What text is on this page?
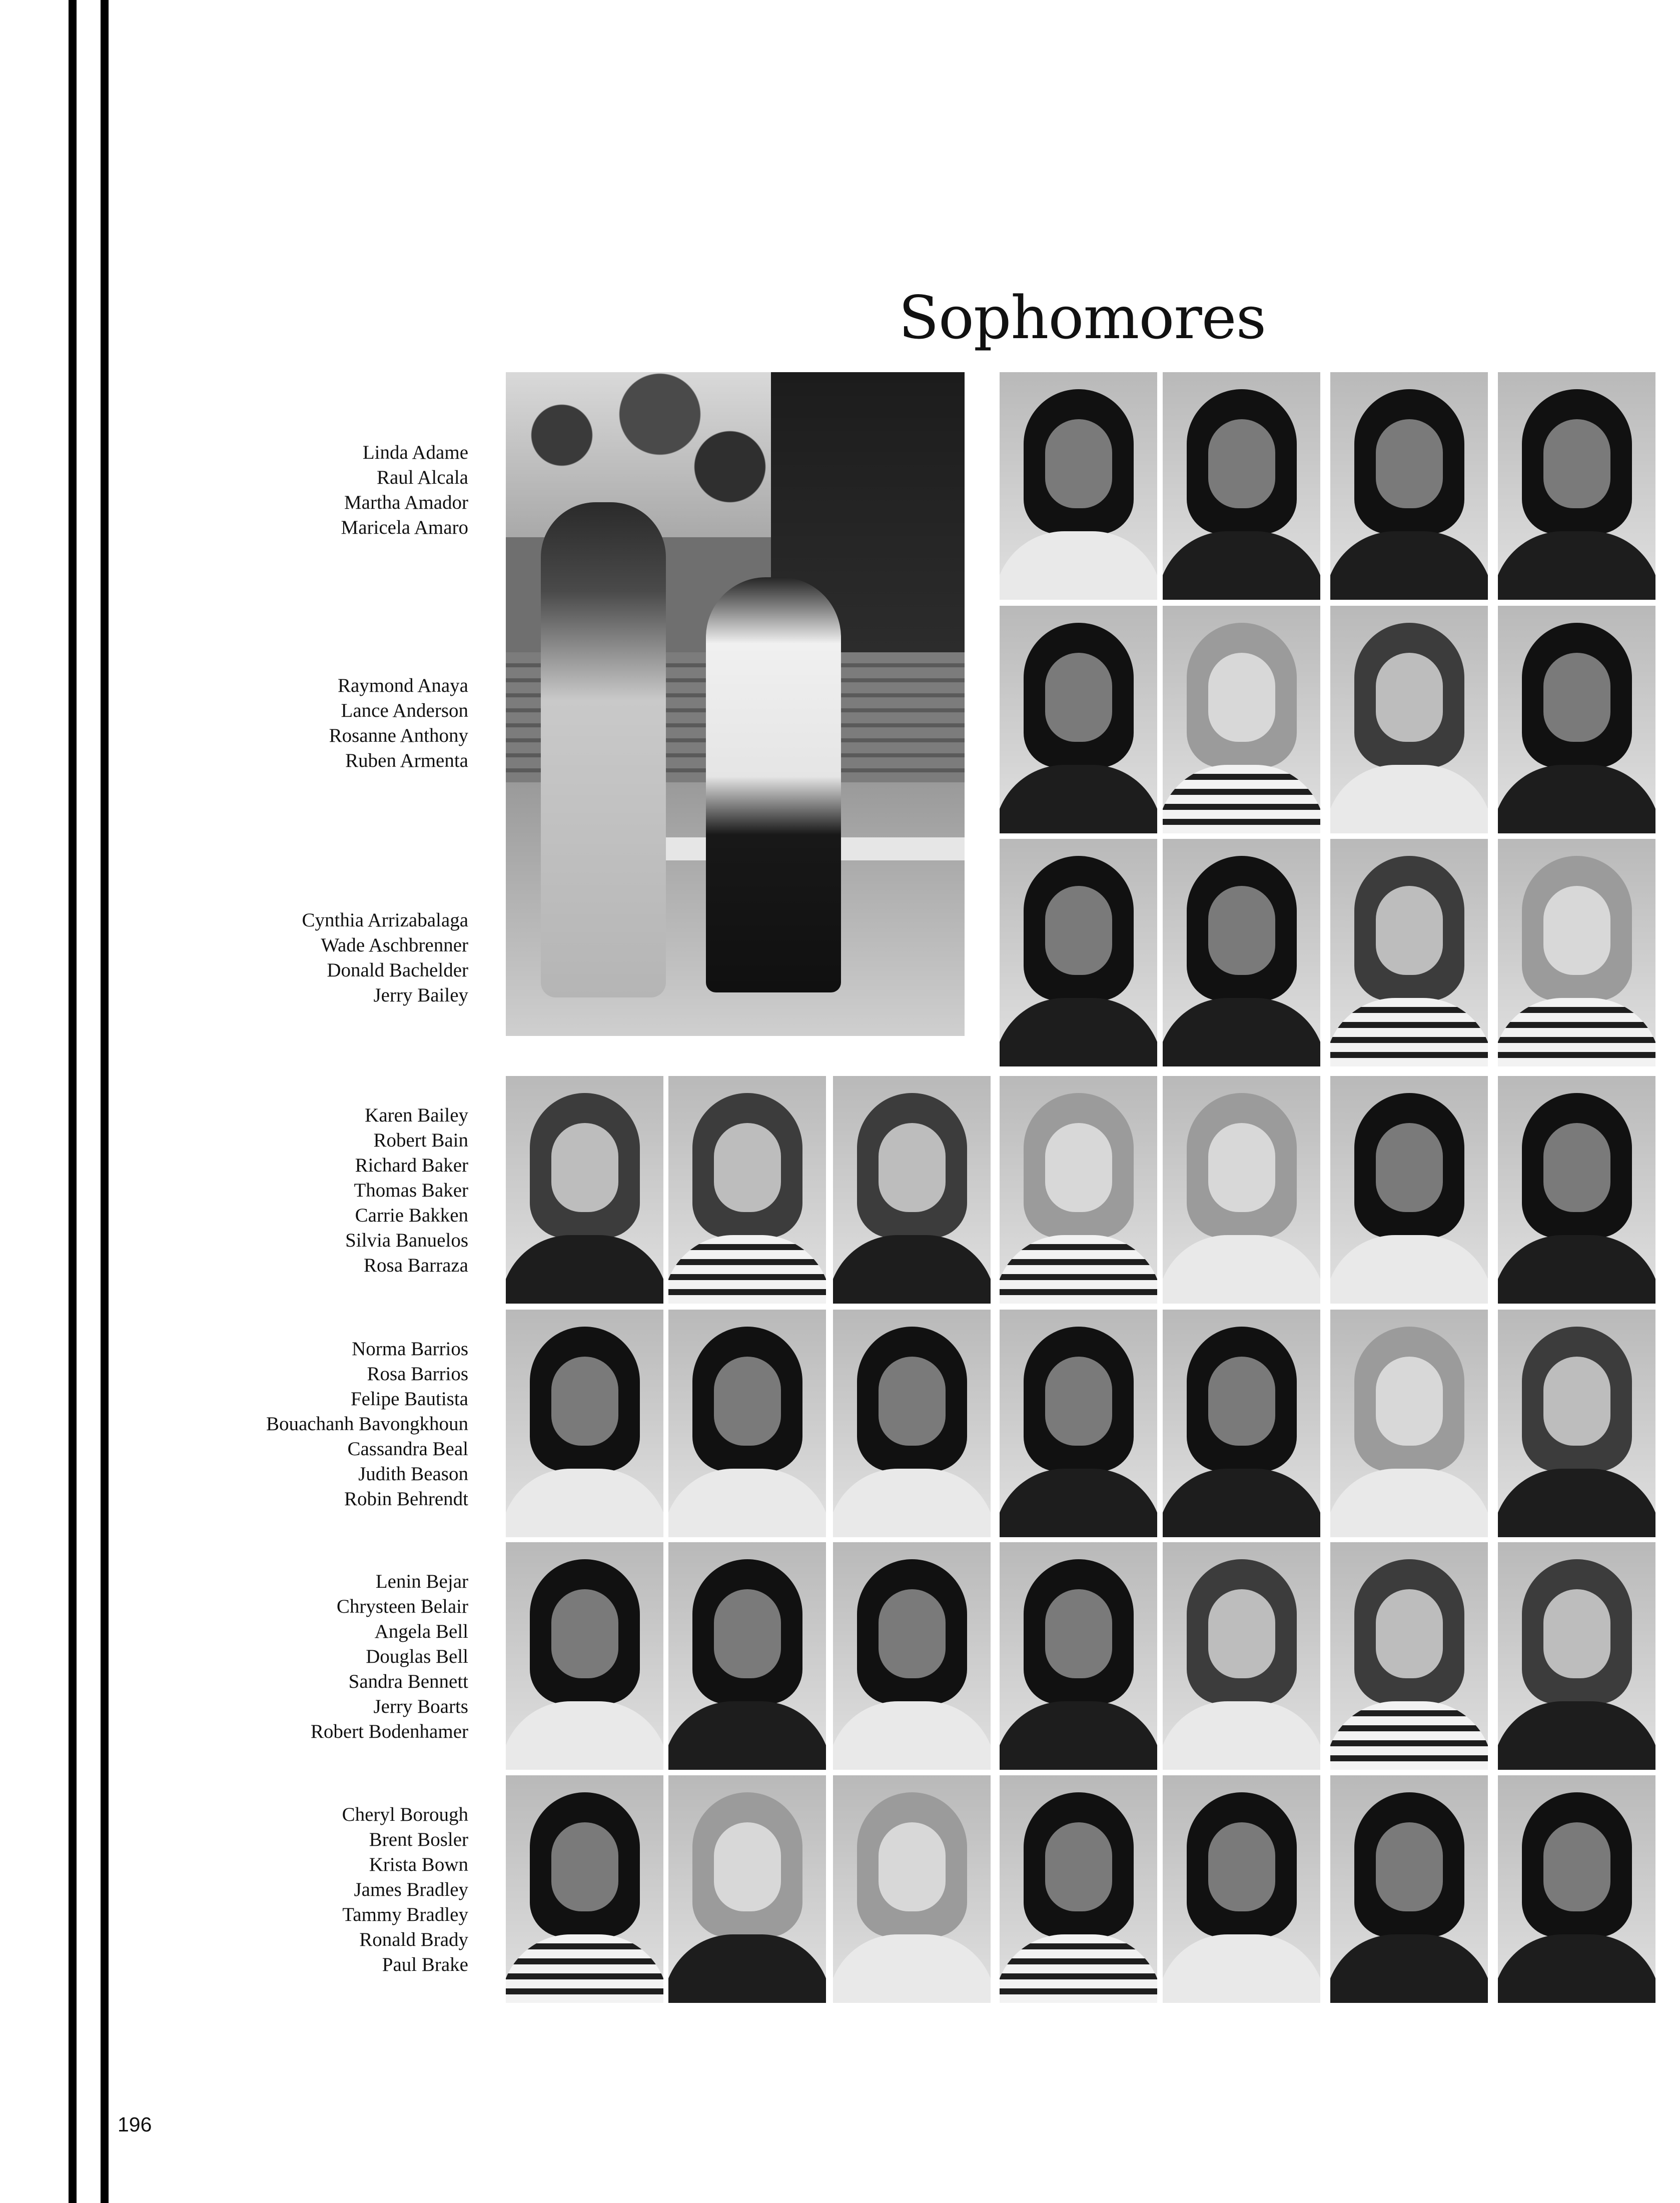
Sophomores
Linda Adame
Raul Alcala
Martha Amador
Maricela Amaro
Raymond Anaya
Lance Anderson
Rosanne Anthony
Ruben Armenta
Cynthia Arrizabalaga
Wade Aschbrenner
Donald Bachelder
Jerry Bailey
Karen Bailey
Robert Bain
Richard Baker
Thomas Baker
Carrie Bakken
Silvia Banuelos
Rosa Barraza
Norma Barrios
Rosa Barrios
Felipe Bautista
Bouachanh Bavongkhoun
Cassandra Beal
Judith Beason
Robin Behrendt
Lenin Bejar
Chrysteen Belair
Angela Bell
Douglas Bell
Sandra Bennett
Jerry Boarts
Robert Bodenhamer
Cheryl Borough
Brent Bosler
Krista Bown
James Bradley
Tammy Bradley
Ronald Brady
Paul Brake
196
